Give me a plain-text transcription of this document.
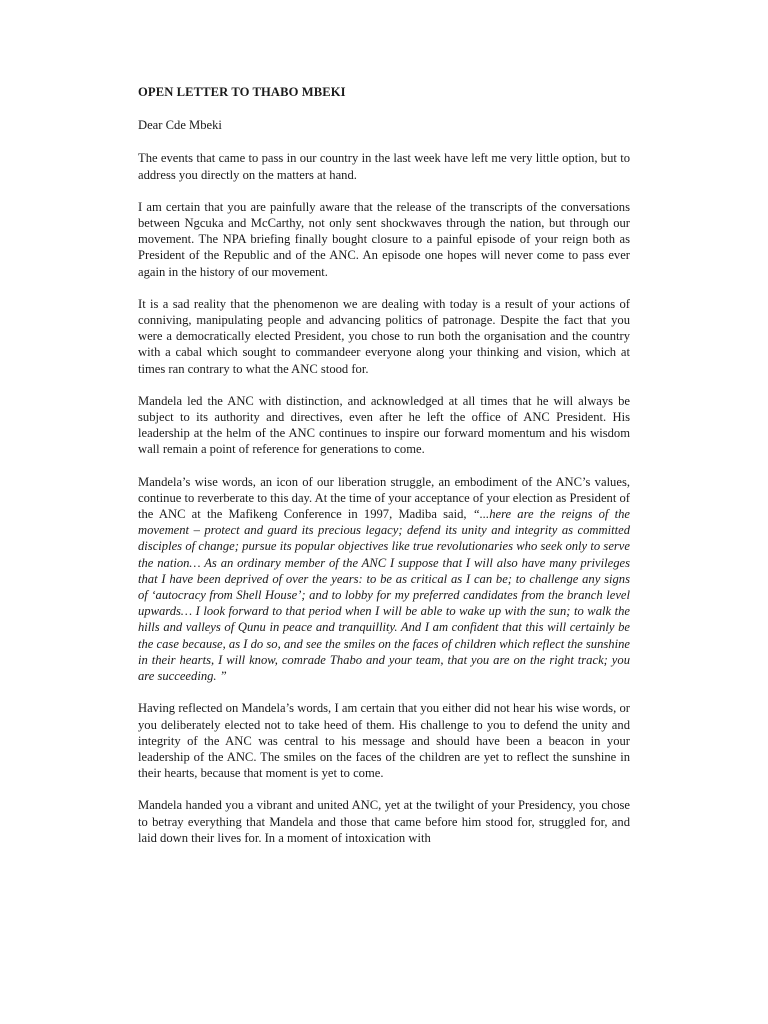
OPEN LETTER TO THABO MBEKI
Dear Cde Mbeki

The events that came to pass in our country in the last week have left me very little option, but to address you directly on the matters at hand.

I am certain that you are painfully aware that the release of the transcripts of the conversations between Ngcuka and McCarthy, not only sent shockwaves through the nation, but through our movement. The NPA briefing finally bought closure to a painful episode of your reign both as President of the Republic and of the ANC. An episode one hopes will never come to pass ever again in the history of our movement.

It is a sad reality that the phenomenon we are dealing with today is a result of your actions of conniving, manipulating people and advancing politics of patronage. Despite the fact that you were a democratically elected President, you chose to run both the organisation and the country with a cabal which sought to commandeer everyone along your thinking and vision, which at times ran contrary to what the ANC stood for.

Mandela led the ANC with distinction, and acknowledged at all times that he will always be subject to its authority and directives, even after he left the office of ANC President. His leadership at the helm of the ANC continues to inspire our forward momentum and his wisdom wall remain a point of reference for generations to come.

Mandela’s wise words, an icon of our liberation struggle, an embodiment of the ANC’s values, continue to reverberate to this day. At the time of your acceptance of your election as President of the ANC at the Mafikeng Conference in 1997, Madiba said, “...here are the reigns of the movement – protect and guard its precious legacy; defend its unity and integrity as committed disciples of change; pursue its popular objectives like true revolutionaries who seek only to serve the nation… As an ordinary member of the ANC I suppose that I will also have many privileges that I have been deprived of over the years: to be as critical as I can be; to challenge any signs of ‘autocracy from Shell House’; and to lobby for my preferred candidates from the branch level upwards… I look forward to that period when I will be able to wake up with the sun; to walk the hills and valleys of Qunu in peace and tranquillity. And I am confident that this will certainly be the case because, as I do so, and see the smiles on the faces of children which reflect the sunshine in their hearts, I will know, comrade Thabo and your team, that you are on the right track; you are succeeding. ”

Having reflected on Mandela’s words, I am certain that you either did not hear his wise words, or you deliberately elected not to take heed of them. His challenge to you to defend the unity and integrity of the ANC was central to his message and should have been a beacon in your leadership of the ANC. The smiles on the faces of the children are yet to reflect the sunshine in their hearts, because that moment is yet to come.

Mandela handed you a vibrant and united ANC, yet at the twilight of your Presidency, you chose to betray everything that Mandela and those that came before him stood for, struggled for, and laid down their lives for. In a moment of intoxication with
